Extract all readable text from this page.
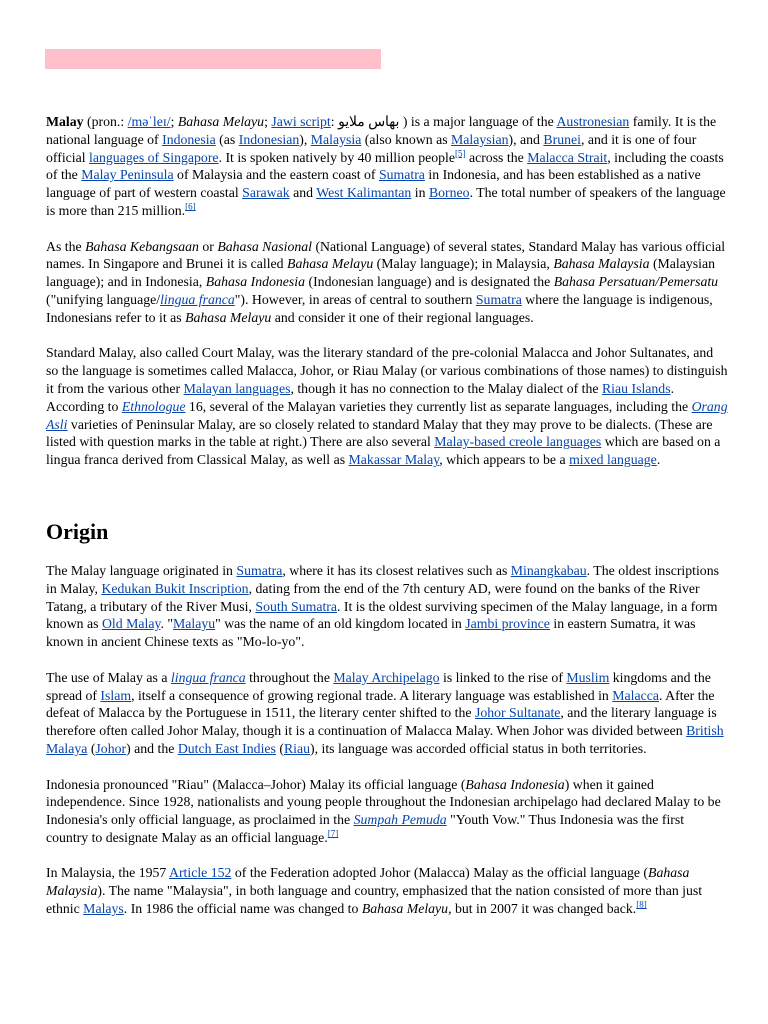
Malay (pron.: /məˈleɪ/; Bahasa Melayu; Jawi script: بهاس ملايو ) is a major language of the Austronesian family. It is the national language of Indonesia (as Indonesian), Malaysia (also known as Malaysian), and Brunei, and it is one of four official languages of Singapore. It is spoken natively by 40 million people[5] across the Malacca Strait, including the coasts of the Malay Peninsula of Malaysia and the eastern coast of Sumatra in Indonesia, and has been established as a native language of part of western coastal Sarawak and West Kalimantan in Borneo. The total number of speakers of the language is more than 215 million.[6]

As the Bahasa Kebangsaan or Bahasa Nasional (National Language) of several states, Standard Malay has various official names. In Singapore and Brunei it is called Bahasa Melayu (Malay language); in Malaysia, Bahasa Malaysia (Malaysian language); and in Indonesia, Bahasa Indonesia (Indonesian language) and is designated the Bahasa Persatuan/Pemersatu ("unifying language/lingua franca"). However, in areas of central to southern Sumatra where the language is indigenous, Indonesians refer to it as Bahasa Melayu and consider it one of their regional languages.

Standard Malay, also called Court Malay, was the literary standard of the pre-colonial Malacca and Johor Sultanates, and so the language is sometimes called Malacca, Johor, or Riau Malay (or various combinations of those names) to distinguish it from the various other Malayan languages, though it has no connection to the Malay dialect of the Riau Islands. According to Ethnologue 16, several of the Malayan varieties they currently list as separate languages, including the Orang Asli varieties of Peninsular Malay, are so closely related to standard Malay that they may prove to be dialects. (These are listed with question marks in the table at right.) There are also several Malay-based creole languages which are based on a lingua franca derived from Classical Malay, as well as Makassar Malay, which appears to be a mixed language.

Origin

The Malay language originated in Sumatra, where it has its closest relatives such as Minangkabau. The oldest inscriptions in Malay, Kedukan Bukit Inscription, dating from the end of the 7th century AD, were found on the banks of the River Tatang, a tributary of the River Musi, South Sumatra. It is the oldest surviving specimen of the Malay language, in a form known as Old Malay. "Malayu" was the name of an old kingdom located in Jambi province in eastern Sumatra, it was known in ancient Chinese texts as "Mo-lo-yo".

The use of Malay as a lingua franca throughout the Malay Archipelago is linked to the rise of Muslim kingdoms and the spread of Islam, itself a consequence of growing regional trade. A literary language was established in Malacca. After the defeat of Malacca by the Portuguese in 1511, the literary center shifted to the Johor Sultanate, and the literary language is therefore often called Johor Malay, though it is a continuation of Malacca Malay. When Johor was divided between British Malaya (Johor) and the Dutch East Indies (Riau), its language was accorded official status in both territories.

Indonesia pronounced "Riau" (Malacca–Johor) Malay its official language (Bahasa Indonesia) when it gained independence. Since 1928, nationalists and young people throughout the Indonesian archipelago had declared Malay to be Indonesia's only official language, as proclaimed in the Sumpah Pemuda "Youth Vow." Thus Indonesia was the first country to designate Malay as an official language.[7]

In Malaysia, the 1957 Article 152 of the Federation adopted Johor (Malacca) Malay as the official language (Bahasa Malaysia). The name "Malaysia", in both language and country, emphasized that the nation consisted of more than just ethnic Malays. In 1986 the official name was changed to Bahasa Melayu, but in 2007 it was changed back.[8]
